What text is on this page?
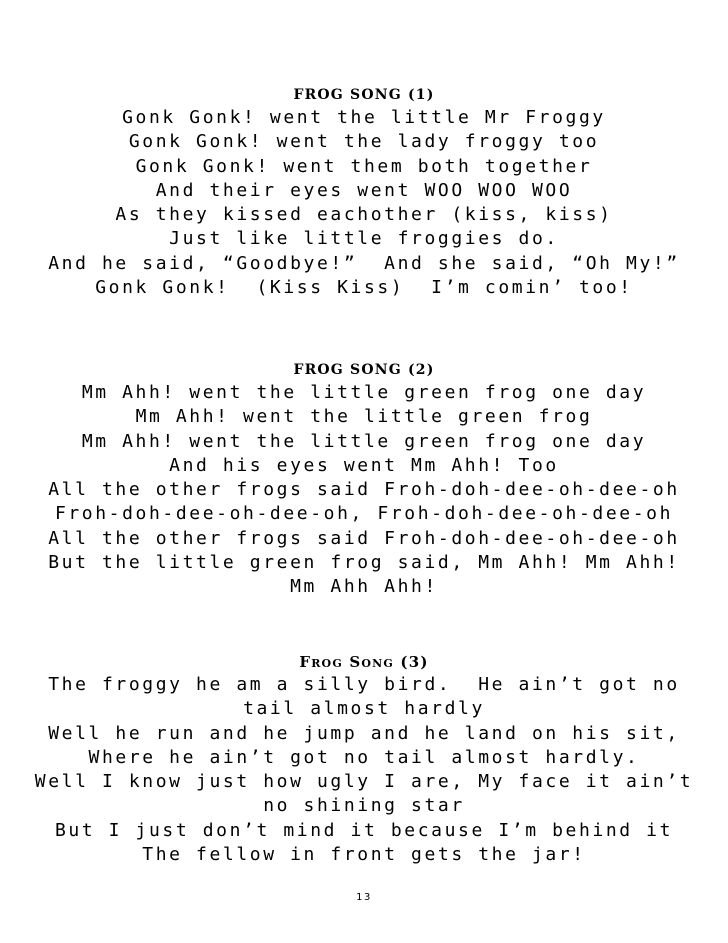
FROG SONG (1)

Gonk Gonk! went the little Mr Froggy

Gonk Gonk! went the lady froggy too

Gonk Gonk! went them both together

And their eyes went WOO WOO WOO

As they kissed eachother (kiss, kiss)

Just like little froggies do.

And he said, “Goodbye!”  And she said, “Oh My!”

Gonk Gonk!  (Kiss Kiss)  I’m comin’ too!

FROG SONG (2)

Mm Ahh! went the little green frog one day

Mm Ahh! went the little green frog

Mm Ahh! went the little green frog one day

And his eyes went Mm Ahh! Too

All the other frogs said Froh-doh-dee-oh-dee-oh

Froh-doh-dee-oh-dee-oh, Froh-doh-dee-oh-dee-oh

All the other frogs said Froh-doh-dee-oh-dee-oh

But the little green frog said, Mm Ahh! Mm Ahh!

Mm Ahh Ahh!

Frog Song (3)

The froggy he am a silly bird.  He ain’t got no

tail almost hardly

Well he run and he jump and he land on his sit,

Where he ain’t got no tail almost hardly.

Well I know just how ugly I are, My face it ain’t

no shining star

But I just don’t mind it because I’m behind it

The fellow in front gets the jar!

13
